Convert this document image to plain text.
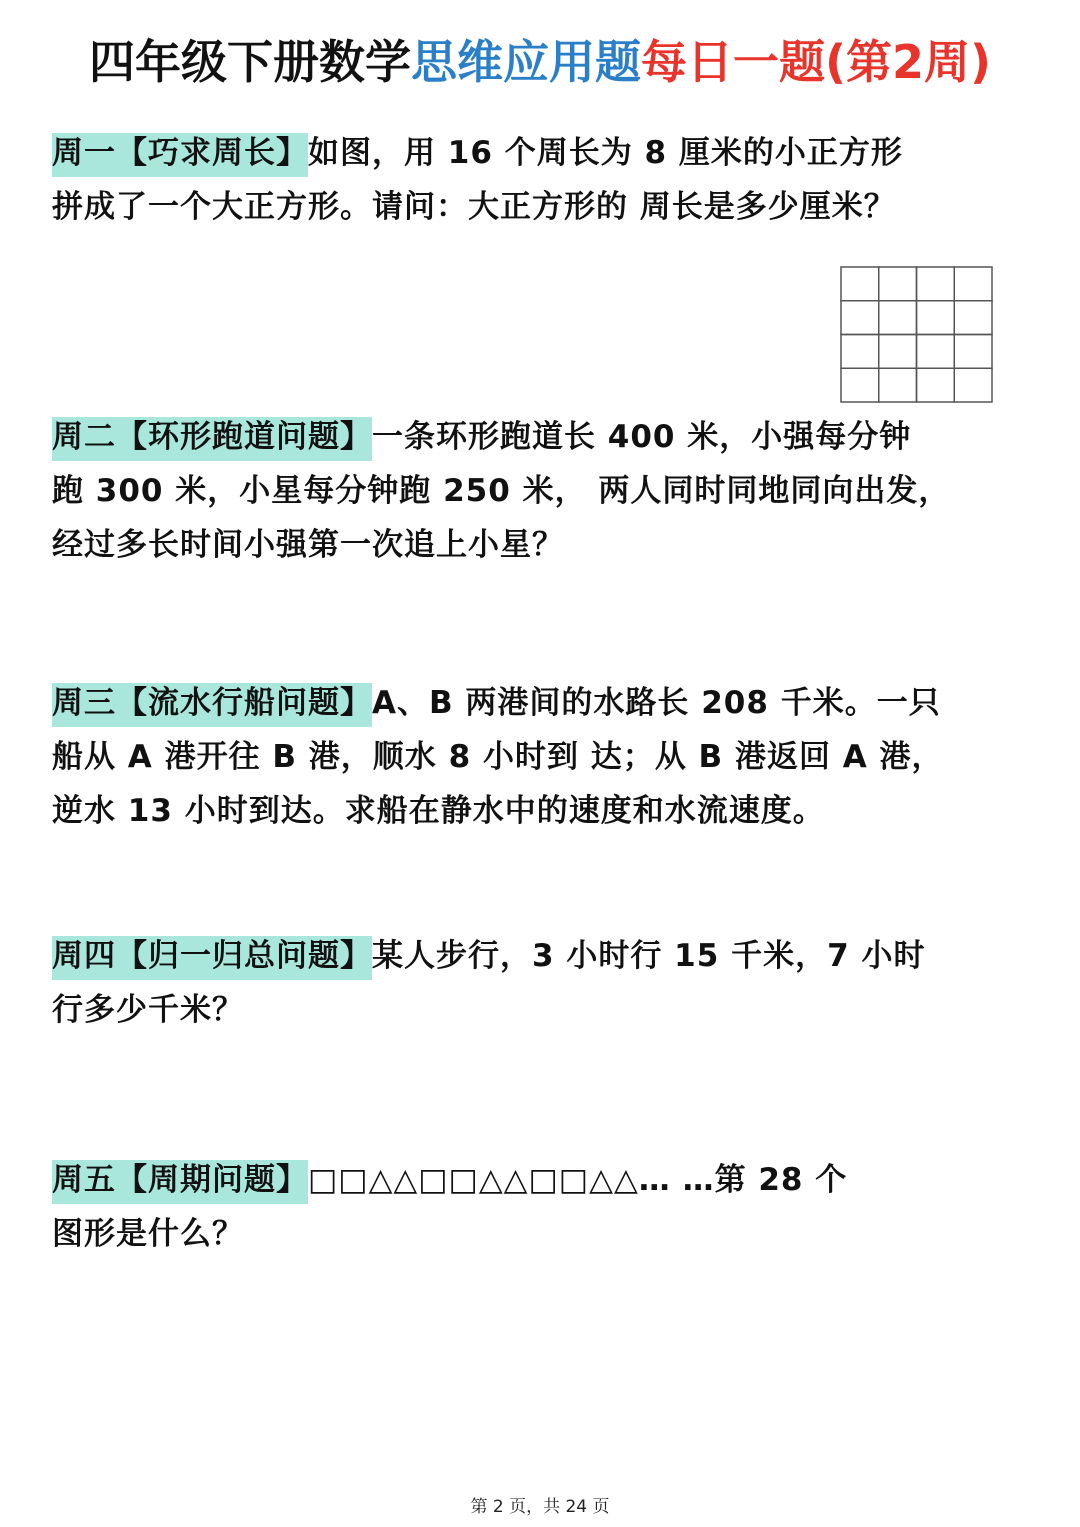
四年级下册数学思维应用题每日一题(第2周)
周一【巧求周长】如图，用 16 个周长为 8 厘米的小正方形
拼成了一个大正方形。请问：大正方形的 周长是多少厘米？
周二【环形跑道问题】一条环形跑道长 400 米，小强每分钟
跑 300 米，小星每分钟跑 250 米， 两人同时同地同向出发，
经过多长时间小强第一次追上小星？
周三【流水行船问题】A、B 两港间的水路长 208 千米。一只
船从 A 港开往 B 港，顺水 8 小时到 达；从 B 港返回 A 港，
逆水 13 小时到达。求船在静水中的速度和水流速度。
周四【归一归总问题】某人步行，3 小时行 15 千米，7 小时
行多少千米？
周五【周期问题】□□△△□□△△□□△△… …第 28 个
图形是什么？
第 2 页，共 24 页
